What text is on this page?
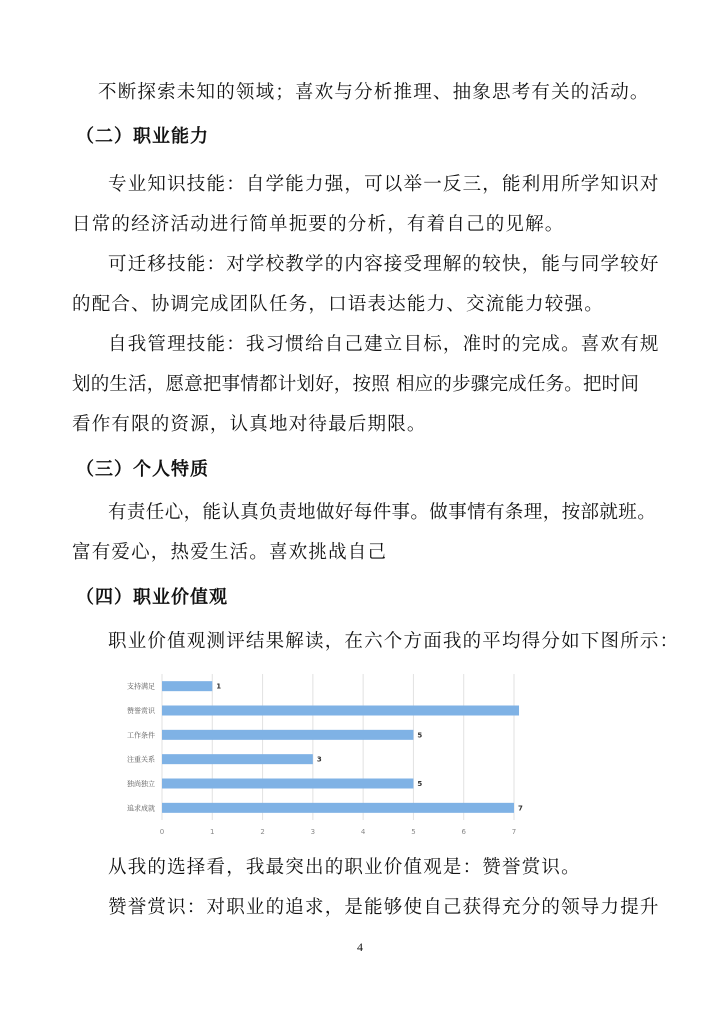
不断探索未知的领域；喜欢与分析推理、抽象思考有关的活动。
（二）职业能力
专业知识技能：自学能力强，可以举一反三，能利用所学知识对
日常的经济活动进行简单扼要的分析，有着自己的见解。
可迁移技能：对学校教学的内容接受理解的较快，能与同学较好
的配合、协调完成团队任务，口语表达能力、交流能力较强。
自我管理技能：我习惯给自己建立目标，准时的完成。喜欢有规
划的生活，愿意把事情都计划好，按照 相应的步骤完成任务。把时间
看作有限的资源，认真地对待最后期限。
（三）个人特质
有责任心，能认真负责地做好每件事。做事情有条理，按部就班。
富有爱心，热爱生活。喜欢挑战自己
（四）职业价值观
职业价值观测评结果解读，在六个方面我的平均得分如下图所示：
0	1	2	3	4	5	6	7
支持满足	1
赞誉赏识
工作条件	5
注重关系	3
独尚独立	5
追求成就	7
从我的选择看，我最突出的职业价值观是：赞誉赏识。
赞誉赏识：对职业的追求，是能够使自己获得充分的领导力提升
4
